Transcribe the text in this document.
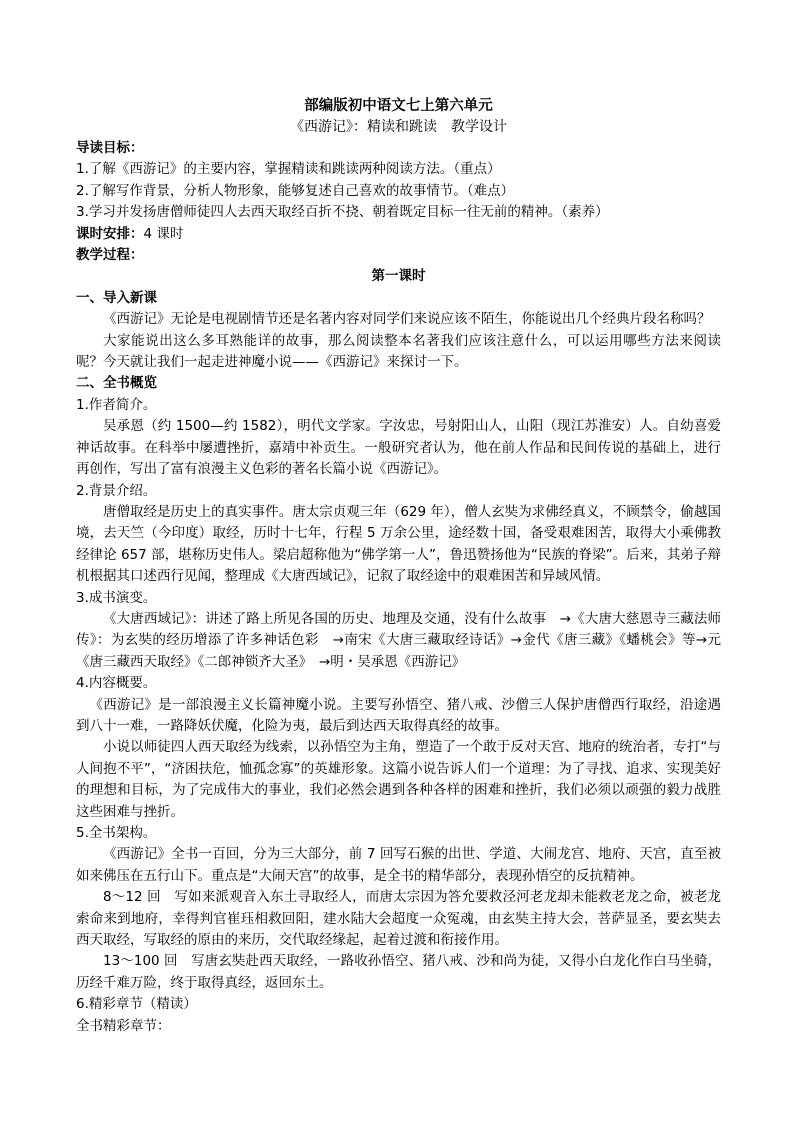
部编版初中语文七上第六单元
《西游记》：精读和跳读　教学设计
导读目标：
1.了解《西游记》的主要内容，掌握精读和跳读两种阅读方法。（重点）
2.了解写作背景，分析人物形象，能够复述自己喜欢的故事情节。（难点）
3.学习并发扬唐僧师徒四人去西天取经百折不挠、朝着既定目标一往无前的精神。（素养）
课时安排：4 课时
教学过程：
第一课时
一、导入新课
《西游记》无论是电视剧情节还是名著内容对同学们来说应该不陌生，你能说出几个经典片段名称吗？
大家能说出这么多耳熟能详的故事，那么阅读整本名著我们应该注意什么，可以运用哪些方法来阅读呢？今天就让我们一起走进神魔小说——《西游记》来探讨一下。
二、全书概览
1.作者简介。
吴承恩（约 1500—约 1582），明代文学家。字汝忠，号射阳山人，山阳（现江苏淮安）人。自幼喜爱神话故事。在科举中屡遭挫折，嘉靖中补贡生。一般研究者认为，他在前人作品和民间传说的基础上，进行再创作，写出了富有浪漫主义色彩的著名长篇小说《西游记》。
2.背景介绍。
唐僧取经是历史上的真实事件。唐太宗贞观三年（629 年），僧人玄奘为求佛经真义，不顾禁令，偷越国境，去天竺（今印度）取经，历时十七年，行程 5 万余公里，途经数十国，备受艰难困苦，取得大小乘佛教经律论 657 部，堪称历史伟人。梁启超称他为“佛学第一人”，鲁迅赞扬他为“民族的脊梁”。后来，其弟子辩机根据其口述西行见闻，整理成《大唐西域记》，记叙了取经途中的艰难困苦和异域风情。
3.成书演变。
《大唐西域记》：讲述了路上所见各国的历史、地理及交通，没有什么故事　→《大唐大慈恩寺三藏法师传》：为玄奘的经历增添了许多神话色彩　→南宋《大唐三藏取经诗话》→金代《唐三藏》《蟠桃会》等→元《唐三藏西天取经》《二郎神锁齐大圣》　→明・吴承恩《西游记》
4.内容概要。
《西游记》是一部浪漫主义长篇神魔小说。主要写孙悟空、猪八戒、沙僧三人保护唐僧西行取经，沿途遇到八十一难，一路降妖伏魔，化险为夷，最后到达西天取得真经的故事。
小说以师徒四人西天取经为线索，以孙悟空为主角，塑造了一个敢于反对天宫、地府的统治者，专打“与人间抱不平”，“济困扶危，恤孤念寡”的英雄形象。这篇小说告诉人们一个道理：为了寻找、追求、实现美好的理想和目标，为了完成伟大的事业，我们必然会遇到各种各样的困难和挫折，我们必须以顽强的毅力战胜这些困难与挫折。
5.全书架构。
《西游记》全书一百回，分为三大部分，前 7 回写石猴的出世、学道、大闹龙宫、地府、天宫，直至被如来佛压在五行山下。重点是“大闹天宫”的故事，是全书的精华部分，表现孙悟空的反抗精神。
8～12 回　写如来派观音入东土寻取经人，而唐太宗因为答允要救泾河老龙却未能救老龙之命，被老龙索命来到地府，幸得判官崔珏相救回阳，建水陆大会超度一众冤魂，由玄奘主持大会，菩萨显圣，要玄奘去西天取经，写取经的原由的来历，交代取经缘起，起着过渡和衔接作用。
13～100 回　写唐玄奘赴西天取经，一路收孙悟空、猪八戒、沙和尚为徒，又得小白龙化作白马坐骑，历经千难万险，终于取得真经，返回东土。
6.精彩章节（精读）
全书精彩章节：
